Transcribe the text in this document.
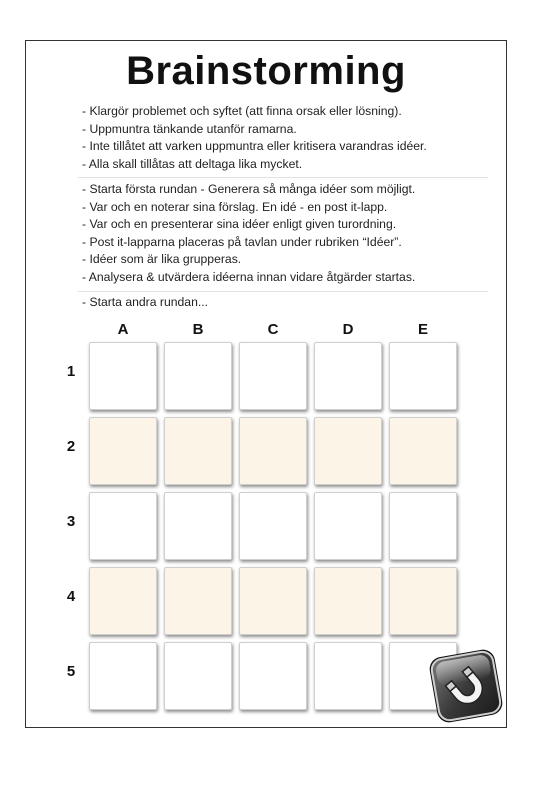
Brainstorming
- Klargör problemet och syftet (att finna orsak eller lösning).
- Uppmuntra tänkande utanför ramarna.
- Inte tillåtet att varken uppmuntra eller kritisera varandras idéer.
- Alla skall tillåtas att deltaga lika mycket.
- Starta första rundan - Generera så många idéer som möjligt.
- Var och en noterar sina förslag. En idé - en post it-lapp.
- Var och en presenterar sina idéer enligt given turordning.
- Post it-lapparna placeras på tavlan under rubriken “Idéer”.
- Idéer som är lika grupperas.
- Analysera & utvärdera idéerna innan vidare åtgärder startas.
- Starta andra rundan...
A	B	C	D	E
1
2
3
4
5
